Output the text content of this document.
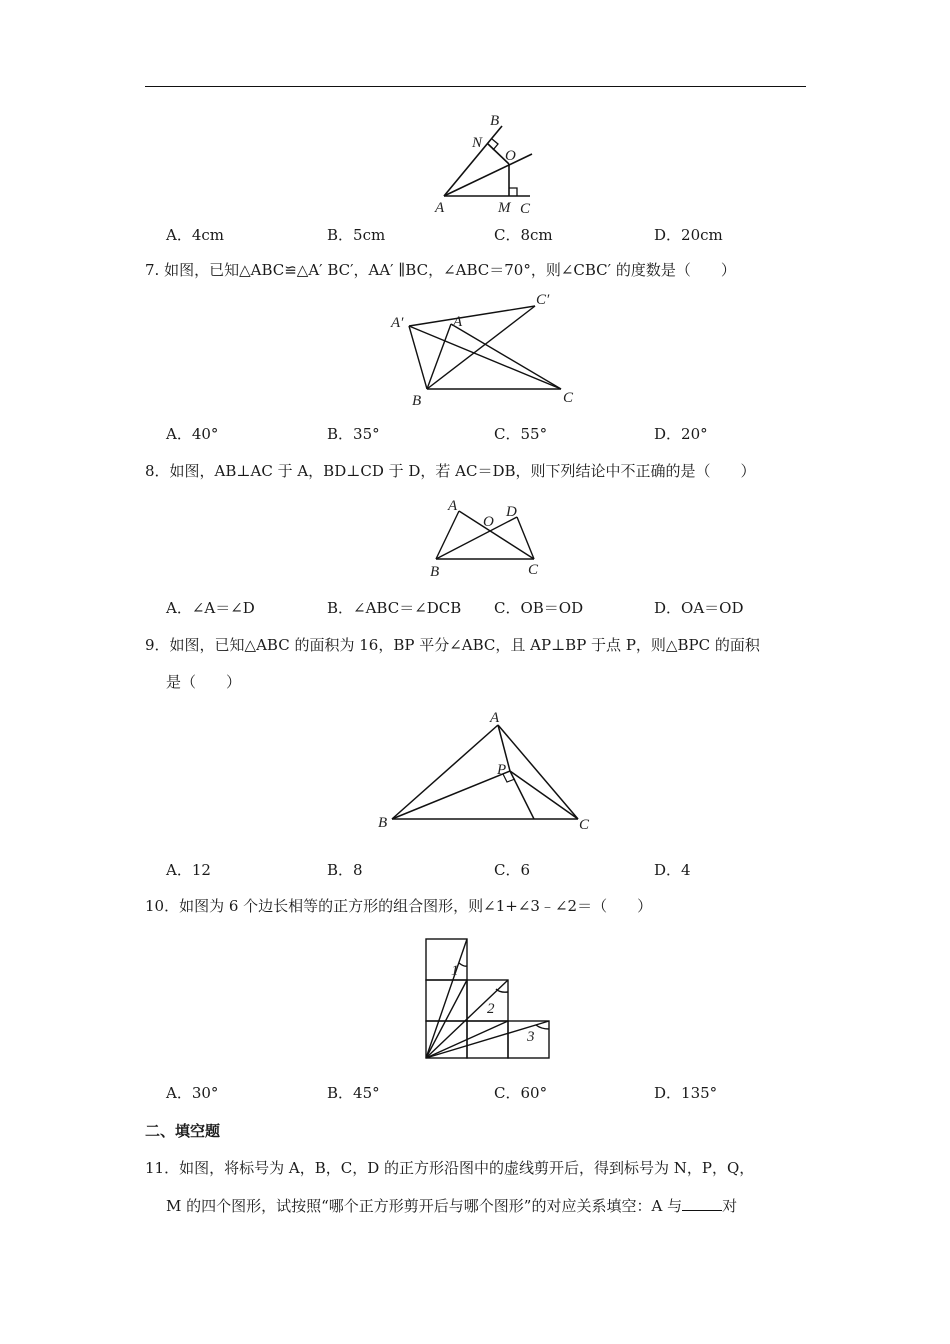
B
N
O
A	M C
A．4cm	B．5cm	C．8cm	D．20cm
7. 如图，已知△ABC≌△A′ BC′，AA′ ∥BC，∠ABC＝70°，则∠CBC′ 的度数是（　　）
A′	A
C′
B	C
A．40°	B．35°	C．55°	D．20°
8．如图，AB⊥AC 于 A，BD⊥CD 于 D，若 AC＝DB，则下列结论中不正确的是（　　）
A
O
D
B	C
A．∠A＝∠D	B．∠ABC＝∠DCB C．OB＝OD	D．OA＝OD
9．如图，已知△ABC 的面积为 16，BP 平分∠ABC，且 AP⊥BP 于点 P，则△BPC 的面积
是（　　）
A
P
B	C
A．12	B．8	C．6	D．4
10．如图为 6 个边长相等的正方形的组合图形，则∠1+∠3﹣∠2＝（　　）
1
2
3
A．30°	B．45°	C．60°	D．135°
二、填空题
11．如图，将标号为 A，B，C，D 的正方形沿图中的虚线剪开后，得到标号为 N，P，Q，
M 的四个图形，试按照“哪个正方形剪开后与哪个图形”的对应关系填空：A 与	对
